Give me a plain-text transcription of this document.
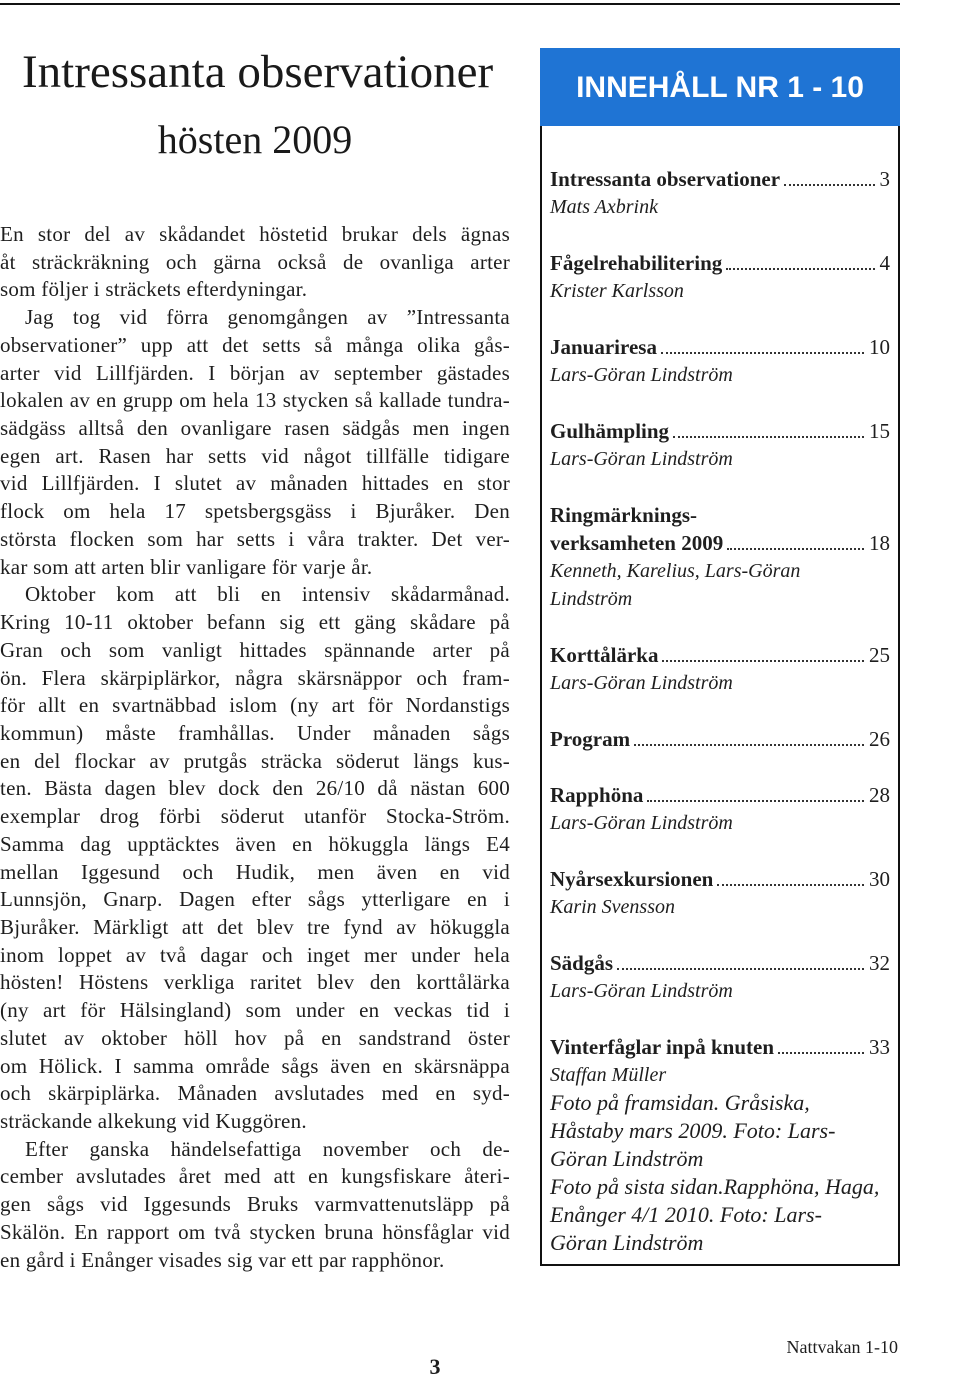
Intressanta observationer
hösten 2009
En stor del av skådandet höstetid brukar dels ägnas
åt sträckräkning och gärna också de ovanliga arter
som följer i sträckets efterdyningar.
Jag tog vid förra genomgången av ”Intressanta
observationer” upp att det setts så många olika gås-
arter vid Lillfjärden. I början av september gästades
lokalen av en grupp om hela 13 stycken så kallade tundra-
sädgäss alltså den ovanligare rasen sädgås men ingen
egen art. Rasen har setts vid något tillfälle tidigare
vid Lillfjärden. I slutet av månaden hittades en stor
flock om hela 17 spetsbergsgäss i Bjuråker. Den
största flocken som har setts i våra trakter. Det ver-
kar som att arten blir vanligare för varje år.
Oktober kom att bli en intensiv skådarmånad.
Kring 10-11 oktober befann sig ett gäng skådare på
Gran och som vanligt hittades spännande arter på
ön. Flera skärpiplärkor, några skärsnäppor och fram-
för allt en svartnäbbad islom (ny art för Nordanstigs
kommun) måste framhållas. Under månaden sågs
en del flockar av prutgås sträcka söderut längs kus-
ten. Bästa dagen blev dock den 26/10 då nästan 600
exemplar drog förbi söderut utanför Stocka-Ström.
Samma dag upptäcktes även en hökuggla längs E4
mellan Iggesund och Hudik, men även en vid
Lunnsjön, Gnarp. Dagen efter sågs ytterligare en i
Bjuråker. Märkligt att det blev tre fynd av hökuggla
inom loppet av två dagar och inget mer under hela
hösten! Höstens verkliga raritet blev den korttålärka
(ny art för Hälsingland) som under en veckas tid i
slutet av oktober höll hov på en sandstrand öster
om Hölick. I samma område sågs även en skärsnäppa
och skärpiplärka. Månaden avslutades med en syd-
sträckande alkekung vid Kuggören.
Efter ganska händelsefattiga november och de-
cember avslutades året med att en kungsfiskare återi-
gen sågs vid Iggesunds Bruks varmvattenutsläpp på
Skälön. En rapport om två stycken bruna hönsfåglar vid
en gård i Enånger visades sig var ett par rapphönor.
INNEHÅLL NR 1 - 10
Intressanta observationer	3
Mats Axbrink
Fågelrehabilitering	4
Krister Karlsson
Januariresa	10
Lars-Göran Lindström
Gulhämpling	15
Lars-Göran Lindström
Ringmärknings-
verksamheten 2009	18
Kenneth, Karelius, Lars-Göran
Lindström
Korttålärka	25
Lars-Göran Lindström
Program	26
Rapphöna	28
Lars-Göran Lindström
Nyårsexkursionen	30
Karin Svensson
Sädgås	32
Lars-Göran Lindström
Vinterfåglar inpå knuten	33
Staffan Müller
Foto på framsidan. Gråsiska,
Håstaby mars 2009. Foto: Lars-
Göran Lindström
Foto på sista sidan.Rapphöna, Haga,
Enånger 4/1 2010. Foto: Lars-
Göran Lindström
3
Nattvakan 1-10
